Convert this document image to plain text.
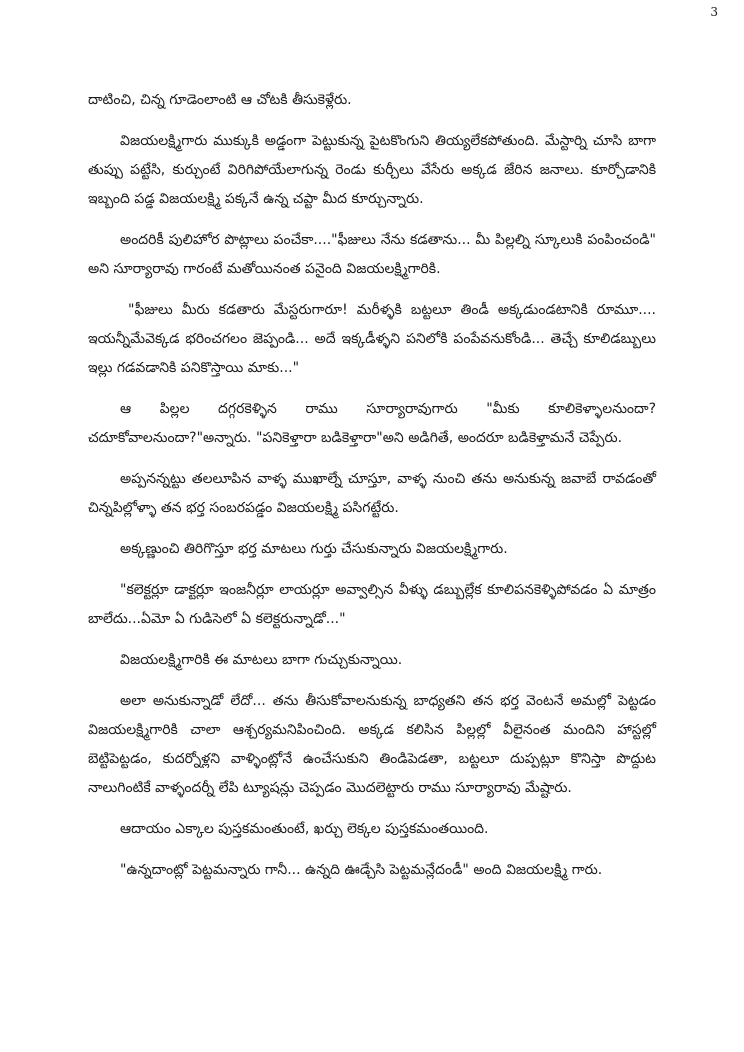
3

దాటించి, చిన్న గూడెంలాంటి ఆ చోటకి తీసుకెళ్లేరు.

విజయలక్ష్మిగారు ముక్కుకి అడ్డంగా పెట్టుకున్న పైటకొంగుని తియ్యలేకపోతుంది. మేస్టార్ని చూసి బాగా తుప్పు పట్టేసి, కుర్చుంటే విరిగిపోయేలాగున్న రెండు కుర్చీలు వేసేరు అక్కడ జేరిన జనాలు. కూర్చోడానికి ఇబ్బంది పడ్డ విజయలక్ష్మి పక్కనే ఉన్న చప్టా మీద కూర్చున్నారు.

అందరికీ పులిహోర పొట్లాలు పంచేకా...."ఫీజులు నేను కడతాను... మీ పిల్లల్ని స్కూలుకి పంపించండి" అని సూర్యారావు గారంటే మతోయినంత పనైంది విజయలక్ష్మిగారికి.

"ఫీజులు మీరు కడతారు మేస్టరుగారూ! మరీళ్ళకి బట్టలూ తిండీ అక్కడుండటానికి రూమూ.... ఇయన్నీమేవెక్కడ భరించగలం జెప్పండి... అదే ఇక్కడీళ్ళని పనిలోకి పంపేవనుకోండి... తెచ్చే కూలిడబ్బులు ఇల్లు గడవడానికి పనికొస్తాయి మాకు..."

ఆ పిల్లల దగ్గరకెళ్ళిన రాము సూర్యారావుగారు "మీకు కూలికెళ్ళాలనుందా? చదూకోవాలనుందా?"అన్నారు. "పనికెళ్తారా బడికెళ్తారా"అని అడిగితే, అందరూ బడికెళ్తామనే చెప్పేరు.

అప్పనన్నట్టు తలలూపిన వాళ్ళ ముఖాల్నే చూస్తూ, వాళ్ళ నుంచి తను అనుకున్న జవాబే రావడంతో చిన్నపిల్లోళ్ళా తన భర్త సంబరపడ్డం విజయలక్ష్మి పసిగట్టేరు.

అక్కణ్ణుంచి తిరిగొస్తూ భర్త మాటలు గుర్తు చేసుకున్నారు విజయలక్ష్మిగారు.

"కలెక్టర్లూ డాక్టర్లూ ఇంజనీర్లూ లాయర్లూ అవ్వాల్సిన వీళ్ళు డబ్బుల్లేక కూలిపనకెళ్ళిపోవడం ఏ మాత్రం బాలేదు...ఏమో ఏ గుడిసెలో ఏ కలెక్టరున్నాడో..."

విజయలక్ష్మిగారికి ఈ మాటలు బాగా గుచ్చుకున్నాయి.

అలా అనుకున్నాడో లేదో... తను తీసుకోవాలనుకున్న బాధ్యతని తన భర్త వెంటనే అమల్లో పెట్టడం విజయలక్ష్మిగారికి చాలా ఆశ్చర్యమనిపించింది. అక్కడ కలిసిన పిల్లల్లో వీలైనంత మందిని హాస్టల్లో బెట్టిపెట్టడం, కుదర్నోళ్లని వాళ్ళింట్లోనే ఉంచేసుకుని తిండిపెడతా, బట్టలూ దుప్పట్లూ కొనిస్తా పొద్దుట నాలుగింటికే వాళ్ళందర్నీ లేపి ట్యూషన్లు చెప్పడం మొదలెట్టారు రాము సూర్యారావు మేష్టారు.

ఆదాయం ఎక్కాల పుస్తకమంతుంటే, ఖర్చు లెక్కల పుస్తకమంతయింది.

"ఉన్నదాంట్లో పెట్టమన్నారు గానీ... ఉన్నది ఊడ్చేసి పెట్టమన్లేదండీ" అంది విజయలక్ష్మి గారు.
